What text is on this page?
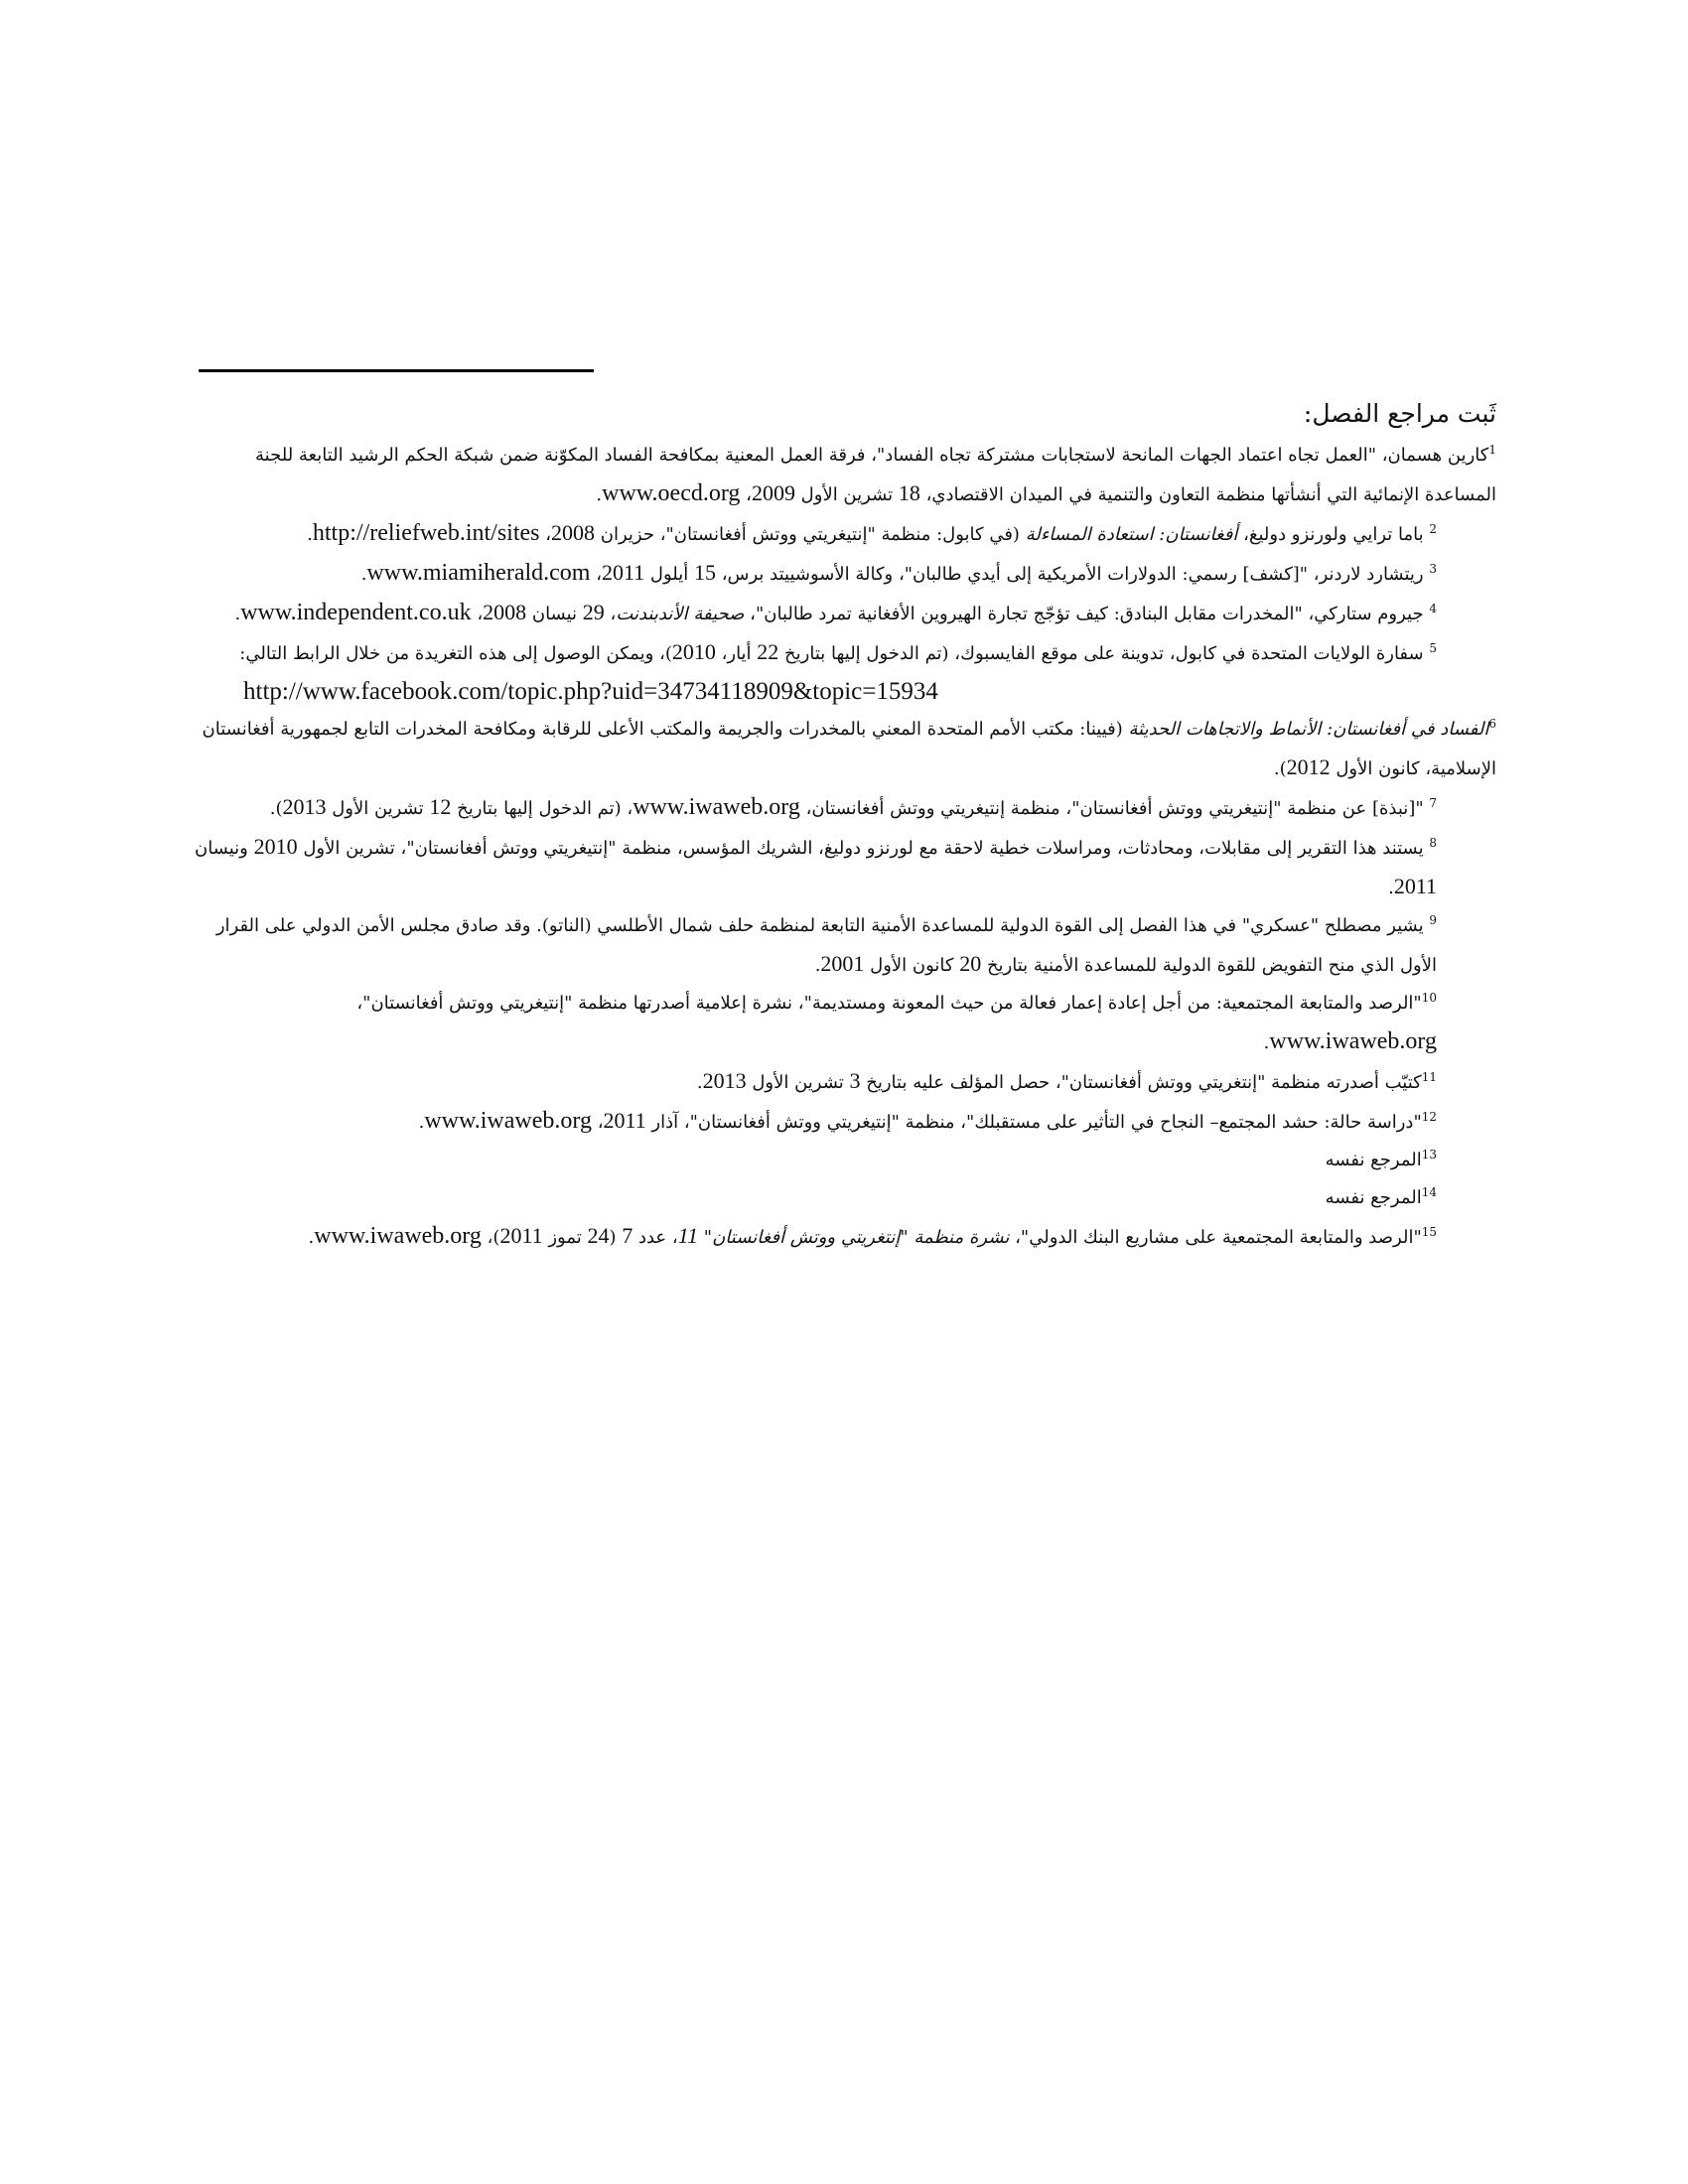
ثَبت مراجع الفصل:

$^1$كارين هسمان، "العمل تجاه اعتماد الجهات المانحة لاستجابات مشتركة تجاه الفساد"، فرقة العمل المعنية بمكافحة الفساد المكوّنة ضمن شبكة الحكم الرشيد التابعة للجنة المساعدة الإنمائية التي أنشأتها منظمة التعاون والتنمية في الميدان الاقتصادي، 18 تشرين الأول 2009، www.oecd.org.

$^2$ باما ترايي ولورنزو دوليغ، أفغانستان: استعادة المساءلة (في كابول: منظمة "إنتيغريتي ووتش أفغانستان"، حزيران 2008، http://reliefweb.int/sites.

$^3$ ريتشارد لاردنر، "[كشف] رسمي: الدولارات الأمريكية إلى أيدي طالبان"، وكالة الأسوشييتد برس، 15 أيلول 2011، www.miamiherald.com.

$^4$ جيروم ستاركي، "المخدرات مقابل البنادق: كيف تؤجّج تجارة الهيروين الأفغانية تمرد طالبان"، صحيفة الأندبندنت، 29 نيسان 2008، www.independent.co.uk.

$^5$ سفارة الولايات المتحدة في كابول، تدوينة على موقع الفايسبوك، (تم الدخول إليها بتاريخ 22 أيار، 2010)، ويمكن الوصول إلى هذه التغريدة من خلال الرابط التالي:

http://www.facebook.com/topic.php?uid=34734118909&topic=15934

$^6$الفساد في أفغانستان: الأنماط والاتجاهات الحديثة (فيينا: مكتب الأمم المتحدة المعني بالمخدرات والجريمة والمكتب الأعلى للرقابة ومكافحة المخدرات التابع لجمهورية أفغانستان الإسلامية، كانون الأول 2012).

$^7$ "[نبذة] عن منظمة "إنتيغريتي ووتش أفغانستان"، منظمة إنتيغريتي ووتش أفغانستان، www.iwaweb.org، (تم الدخول إليها بتاريخ 12 تشرين الأول 2013).

$^8$ يستند هذا التقرير إلى مقابلات، ومحادثات، ومراسلات خطية لاحقة مع لورنزو دوليغ، الشريك المؤسس، منظمة "إنتيغريتي ووتش أفغانستان"، تشرين الأول 2010 ونيسان 2011.

$^9$ يشير مصطلح "عسكري" في هذا الفصل إلى القوة الدولية للمساعدة الأمنية التابعة لمنظمة حلف شمال الأطلسي (الناتو). وقد صادق مجلس الأمن الدولي على القرار الأول الذي منح التفويض للقوة الدولية للمساعدة الأمنية بتاريخ 20 كانون الأول 2001.

$^{10}$"الرصد والمتابعة المجتمعية: من أجل إعادة إعمار فعالة من حيث المعونة ومستديمة"، نشرة إعلامية أصدرتها منظمة "إنتيغريتي ووتش أفغانستان"، www.iwaweb.org.

$^{11}$كتيّب أصدرته منظمة "إنتغريتي ووتش أفغانستان"، حصل المؤلف عليه بتاريخ 3 تشرين الأول 2013.

$^{12}$"دراسة حالة: حشد المجتمع– النجاح في التأثير على مستقبلك"، منظمة "إنتيغريتي ووتش أفغانستان"، آذار 2011، www.iwaweb.org.

$^{13}$المرجع نفسه

$^{14}$المرجع نفسه

$^{15}$"الرصد والمتابعة المجتمعية على مشاريع البنك الدولي"، نشرة منظمة "إنتغريتي ووتش أفغانستان" 11، عدد 7 (24 تموز 2011)، www.iwaweb.org.
